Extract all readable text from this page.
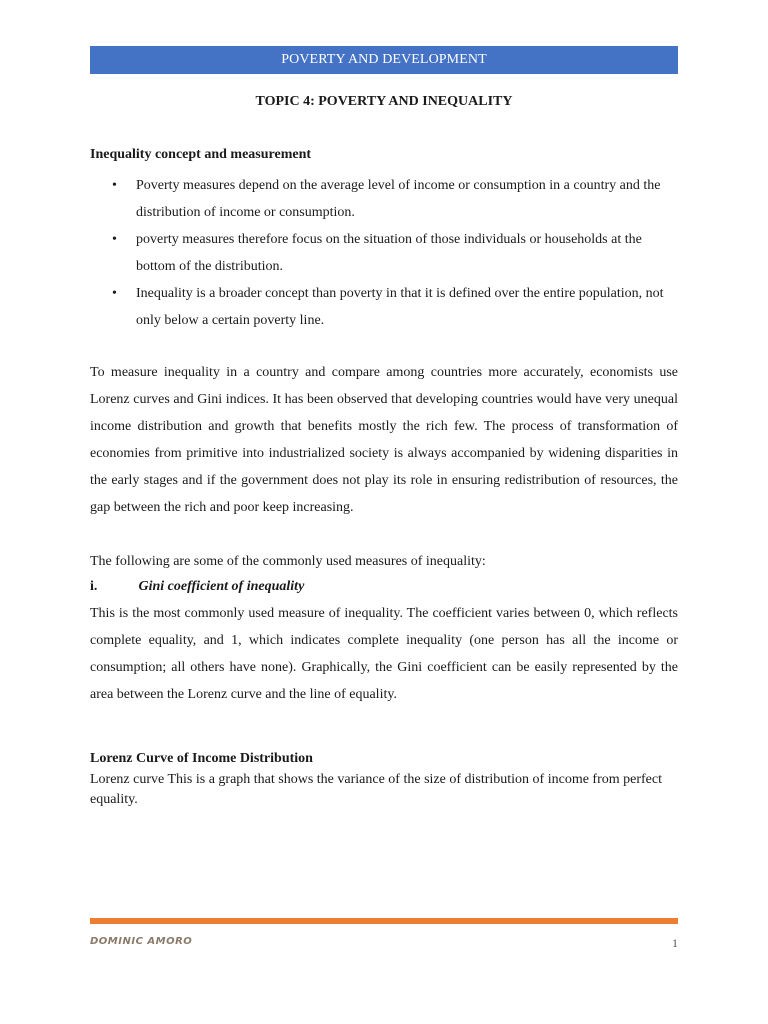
POVERTY AND DEVELOPMENT
TOPIC 4: POVERTY AND INEQUALITY
Inequality concept and measurement
• Poverty measures depend on the average level of income or consumption in a country and the distribution of income or consumption.
• poverty measures therefore focus on the situation of those individuals or households at the bottom of the distribution.
• Inequality is a broader concept than poverty in that it is defined over the entire population, not only below a certain poverty line.

To measure inequality in a country and compare among countries more accurately, economists use Lorenz curves and Gini indices. It has been observed that developing countries would have very unequal income distribution and growth that benefits mostly the rich few. The process of transformation of economies from primitive into industrialized society is always accompanied by widening disparities in the early stages and if the government does not play its role in ensuring redistribution of resources, the gap between the rich and poor keep increasing.

The following are some of the commonly used measures of inequality:

i.	Gini coefficient of inequality

This is the most commonly used measure of inequality. The coefficient varies between 0, which reflects complete equality, and 1, which indicates complete inequality (one person has all the income or consumption; all others have none). Graphically, the Gini coefficient can be easily represented by the area between the Lorenz curve and the line of equality.

Lorenz Curve of Income Distribution

Lorenz curve This is a graph that shows the variance of the size of distribution of income from perfect equality.

DOMINIC AMORO	1
